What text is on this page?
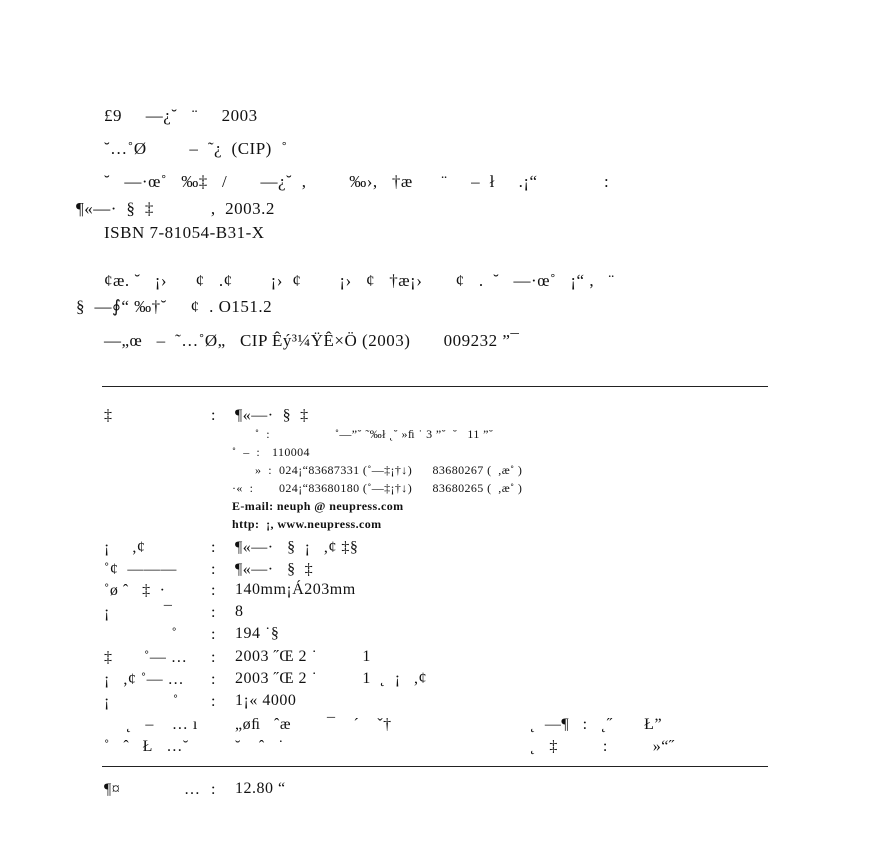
£9     —¿˘   ¨     2003
˘…˚Ø         –  ˜¿  (CIP)  ˚
˘   —·œ˚   ‰‡   /       —¿˘  ,         ‰›,   †æ      ¨     –  ł     .¡“              :
¶«—·  §  ‡            ,  2003.2
ISBN 7-81054-B31-X
¢æ. ˘   ¡›      ¢   .¢        ¡›  ¢        ¡›   ¢   †æ¡›       ¢   .  ˘   —·œ˚   ¡“ ,   ¨
§  —∮“ ‰†˘     ¢  . O151.2
—„œ   –  ˜…˚Ø„   CIP Êý³¼ŸÊ×Ö (2003)       009232 ”¯
‡	: ¶«—·  §  ‡
˚  :	˚—”˘ ˜‰ł ˛˘ »ﬁ ˙ 3 ”˘  ˘   11 ”˘
˚  –  : 110004
»  : 024¡“83687331 (˚—‡¡†↓)      83680267 (  ,æ˚ )
·«  : 024¡“83680180 (˚—‡¡†↓)      83680265 (  ,æ˚ )
E-mail: neuph @ neupress.com
http:  ¡, www.neupress.com
¡     ,¢	: ¶«—·   §  ¡   ,¢ ‡§
˚¢  ——— : ¶«—·   §  ‡
˚ø ˆ   ‡  ·	: 140mm¡Á203mm
¡            ¯ : 8
˚ : 194 ˙§
‡       ˚— … : 2003 ˝Œ 2 ˙          1
¡   ,¢ ˚— … : 2003 ˝Œ 2 ˙          1  ˛  ¡   ,¢
¡              ˚ : 1¡« 4000
˛   –    … ı „øﬁ   ˆæ        ¯    ´    ˇ†	˛  —¶   :   ˛˝       Ł”
˚   ˆ   Ł   …˘	˘    ˆ   ˙	˛   ‡          :          »“˝
¶¤	… : 12.80 “
